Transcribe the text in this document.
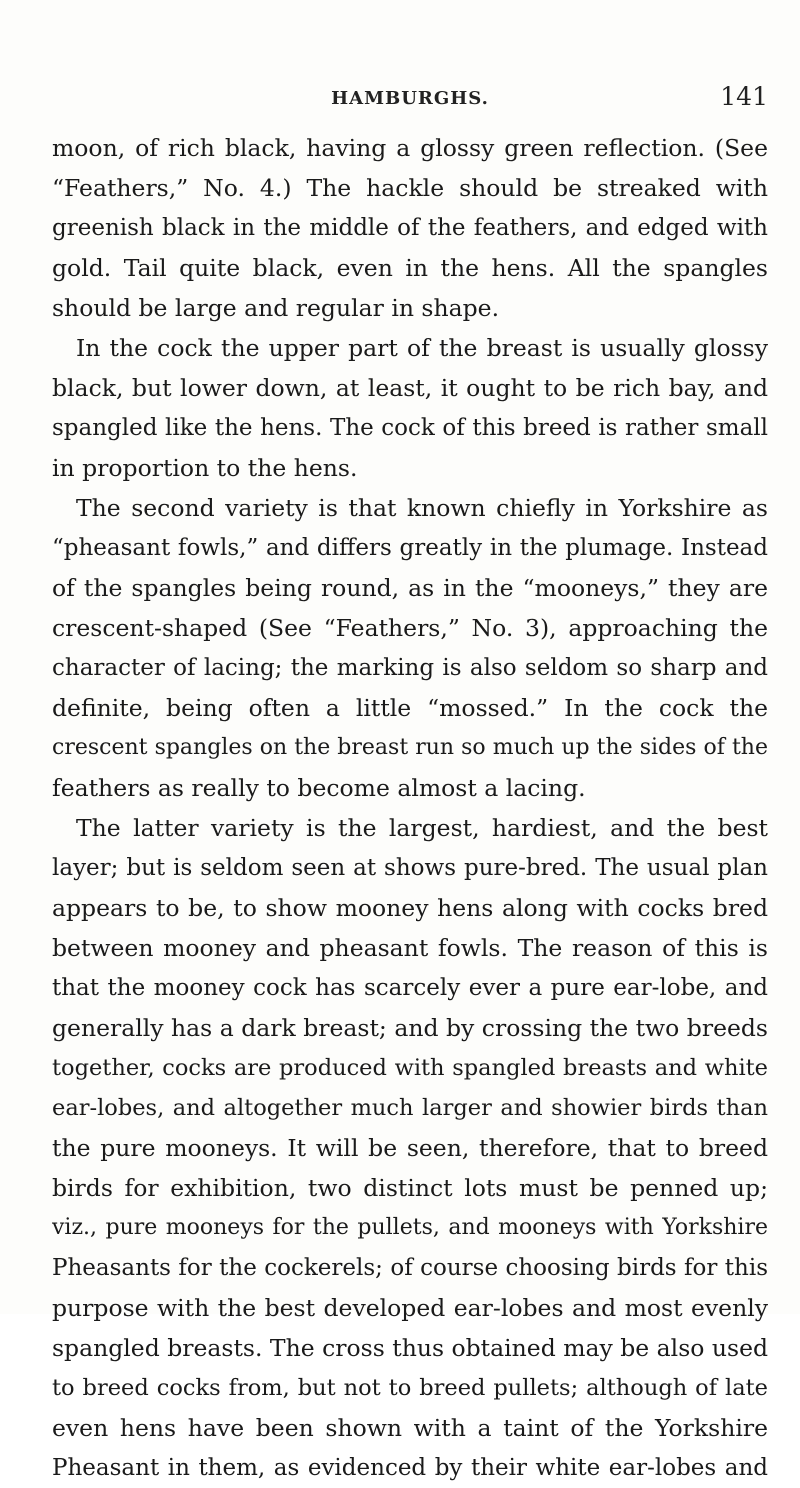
HAMBURGHS.	141
moon, of rich black, having a glossy green reflection. (See
“Feathers,” No. 4.) The hackle should be streaked with
greenish black in the middle of the feathers, and edged with
gold. Tail quite black, even in the hens. All the spangles
should be large and regular in shape.
In the cock the upper part of the breast is usually glossy
black, but lower down, at least, it ought to be rich bay, and
spangled like the hens. The cock of this breed is rather small
in proportion to the hens.
The second variety is that known chiefly in Yorkshire as
“pheasant fowls,” and differs greatly in the plumage. Instead
of the spangles being round, as in the “mooneys,” they are
crescent-shaped (See “Feathers,” No. 3), approaching the
character of lacing; the marking is also seldom so sharp and
definite, being often a little “mossed.” In the cock the
crescent spangles on the breast run so much up the sides of the
feathers as really to become almost a lacing.
The latter variety is the largest, hardiest, and the best
layer; but is seldom seen at shows pure-bred. The usual plan
appears to be, to show mooney hens along with cocks bred
between mooney and pheasant fowls. The reason of this is
that the mooney cock has scarcely ever a pure ear-lobe, and
generally has a dark breast; and by crossing the two breeds
together, cocks are produced with spangled breasts and white
ear-lobes, and altogether much larger and showier birds than
the pure mooneys. It will be seen, therefore, that to breed
birds for exhibition, two distinct lots must be penned up;
viz., pure mooneys for the pullets, and mooneys with Yorkshire
Pheasants for the cockerels; of course choosing birds for this
purpose with the best developed ear-lobes and most evenly
spangled breasts. The cross thus obtained may be also used
to breed cocks from, but not to breed pullets; although of late
even hens have been shown with a taint of the Yorkshire
Pheasant in them, as evidenced by their white ear-lobes and
